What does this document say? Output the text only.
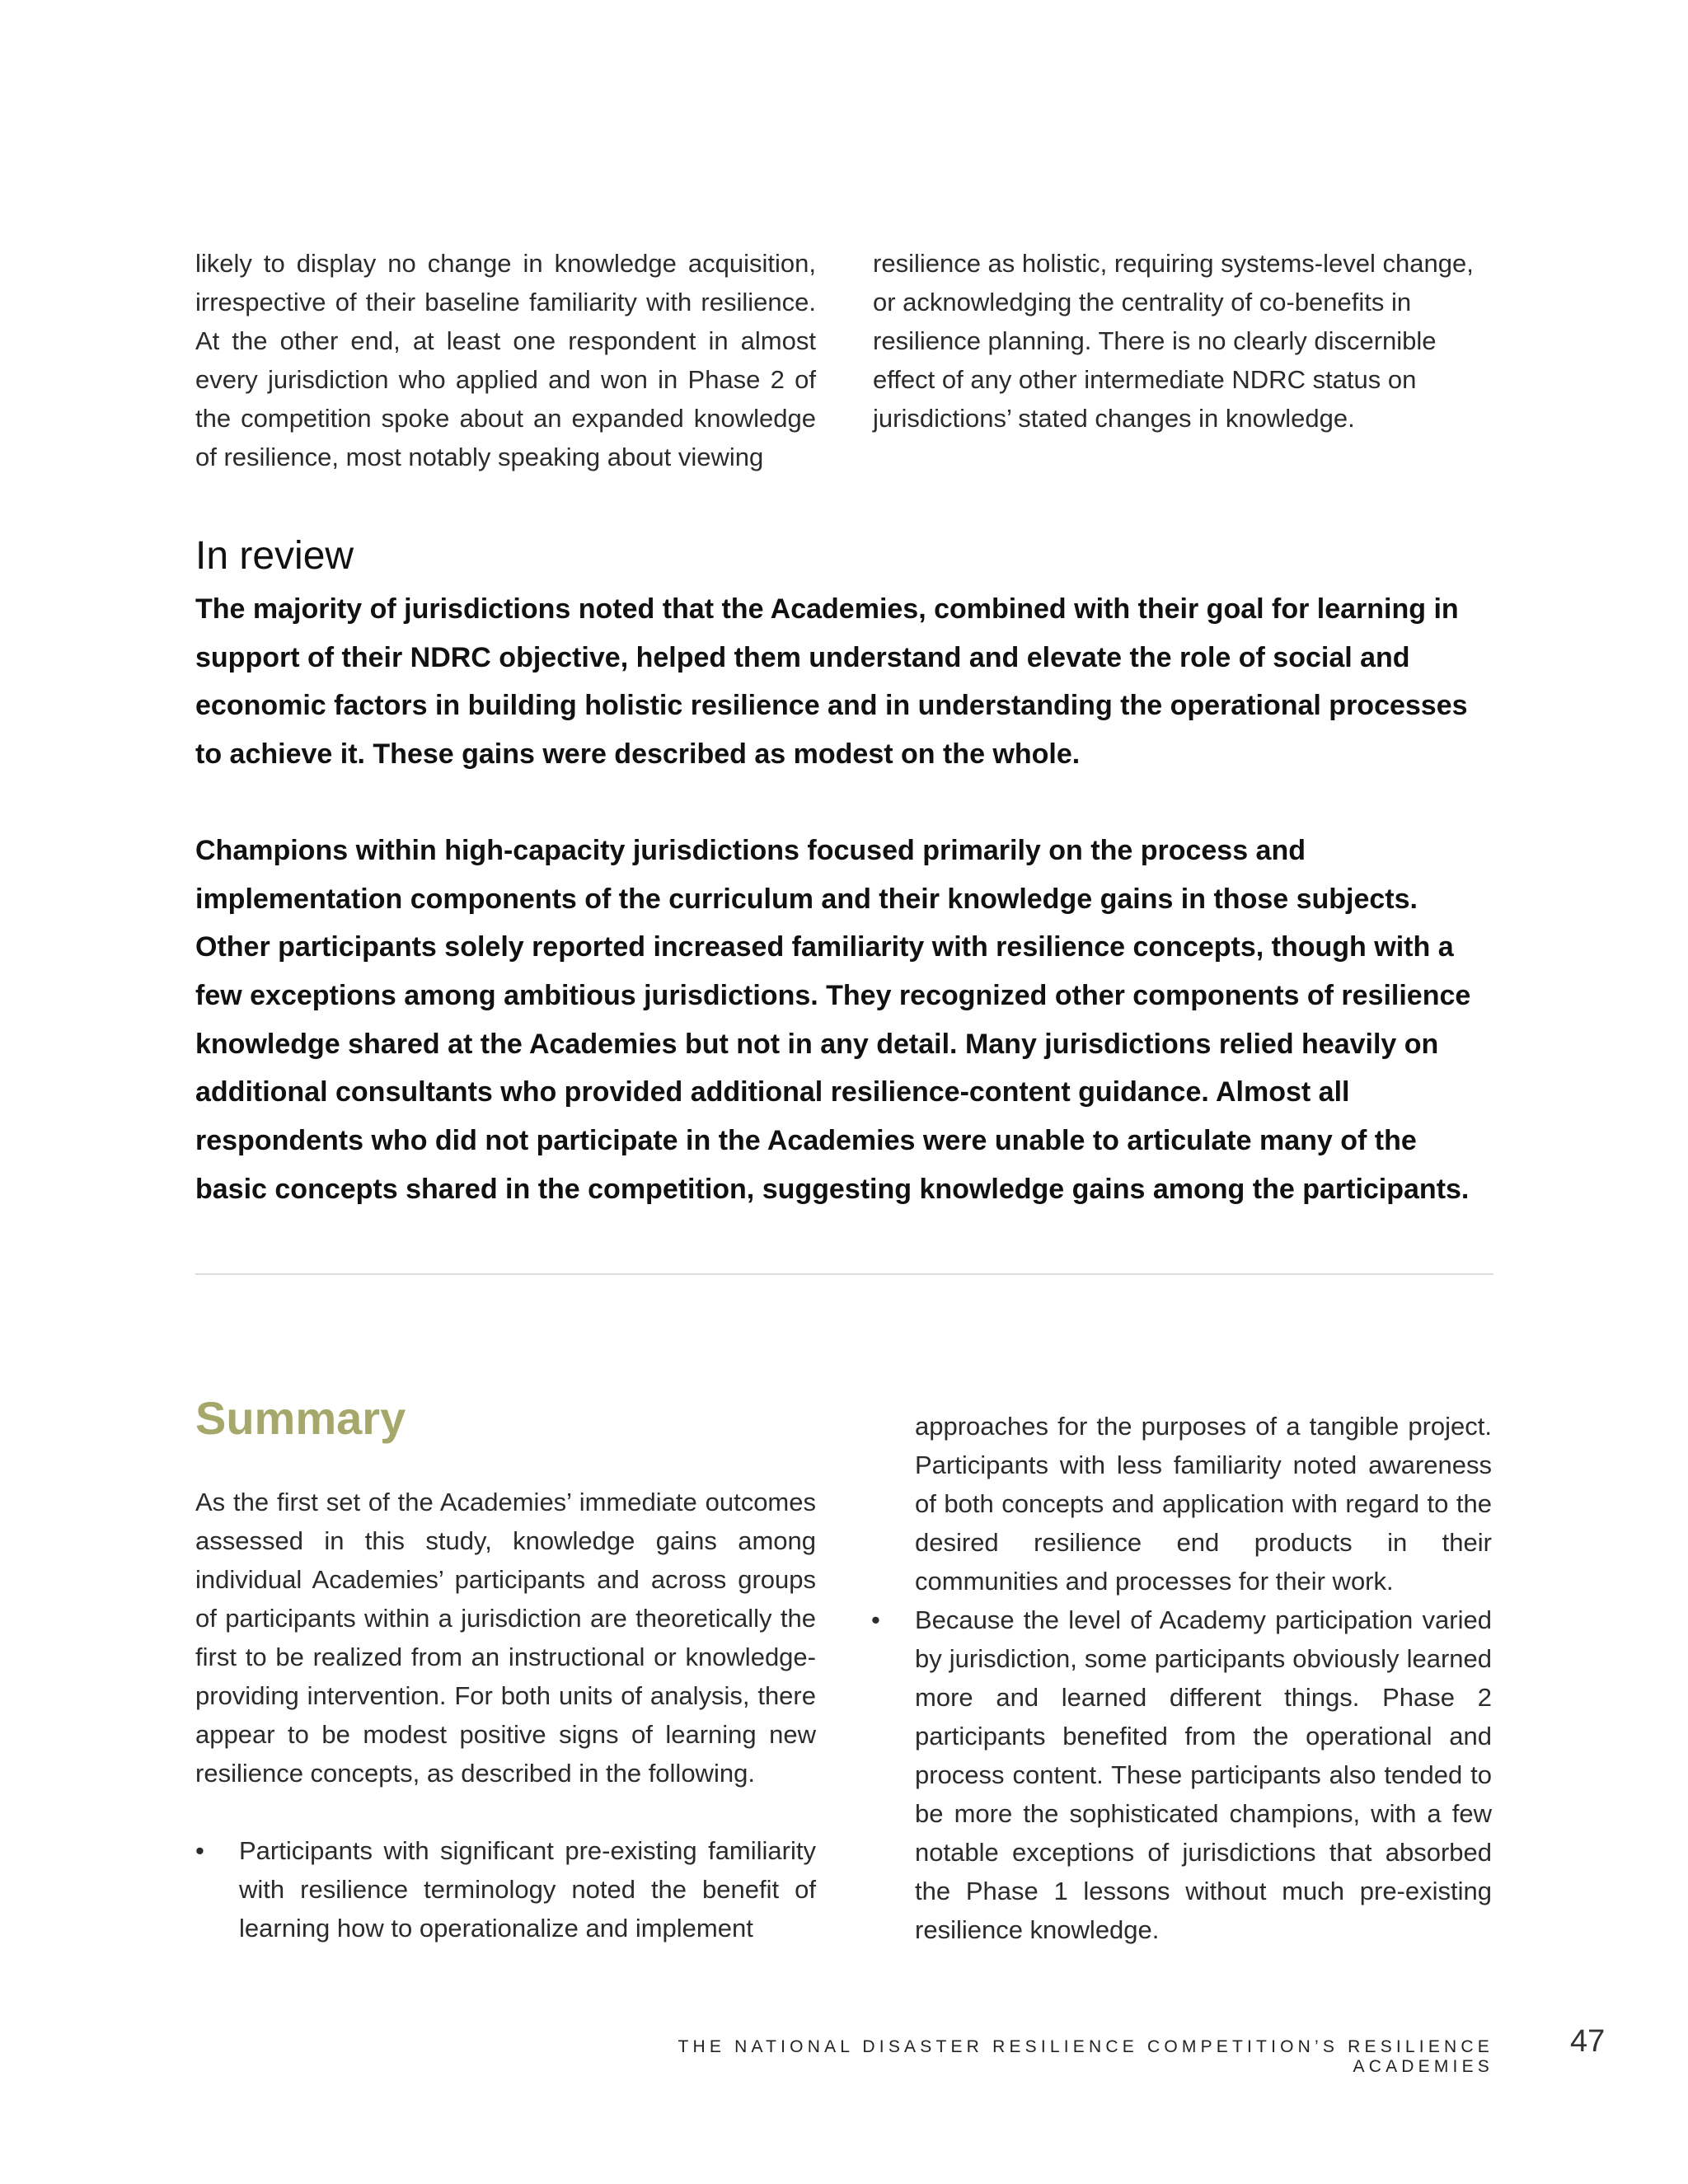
likely to display no change in knowledge acquisition, irrespective of their baseline familiarity with resilience. At the other end, at least one respondent in almost every jurisdiction who applied and won in Phase 2 of the competition spoke about an expanded knowledge of resilience, most notably speaking about viewing

resilience as holistic, requiring systems-level change, or acknowledging the centrality of co-benefits in resilience planning. There is no clearly discernible effect of any other intermediate NDRC status on jurisdictions’ stated changes in knowledge.

In review

The majority of jurisdictions noted that the Academies, combined with their goal for learning in support of their NDRC objective, helped them understand and elevate the role of social and economic factors in building holistic resilience and in understanding the operational processes to achieve it. These gains were described as modest on the whole.

Champions within high-capacity jurisdictions focused primarily on the process and implementation components of the curriculum and their knowledge gains in those subjects. Other participants solely reported increased familiarity with resilience concepts, though with a few exceptions among ambitious jurisdictions. They recognized other components of resilience knowledge shared at the Academies but not in any detail. Many jurisdictions relied heavily on additional consultants who provided additional resilience-content guidance. Almost all respondents who did not participate in the Academies were unable to articulate many of the basic concepts shared in the competition, suggesting knowledge gains among the participants.

Summary

As the first set of the Academies’ immediate outcomes assessed in this study, knowledge gains among individual Academies’ participants and across groups of participants within a jurisdiction are theoretically the first to be realized from an instructional or knowledge-providing intervention. For both units of analysis, there appear to be modest positive signs of learning new resilience concepts, as described in the following.

• Participants with significant pre-existing familiarity with resilience terminology noted the benefit of learning how to operationalize and implement

approaches for the purposes of a tangible project. Participants with less familiarity noted awareness of both concepts and application with regard to the desired resilience end products in their communities and processes for their work.

• Because the level of Academy participation varied by jurisdiction, some participants obviously learned more and learned different things. Phase 2 participants benefited from the operational and process content. These participants also tended to be more the sophisticated champions, with a few notable exceptions of jurisdictions that absorbed the Phase 1 lessons without much pre-existing resilience knowledge.
THE NATIONAL DISASTER RESILIENCE COMPETITION’S RESILIENCE ACADEMIES
47
